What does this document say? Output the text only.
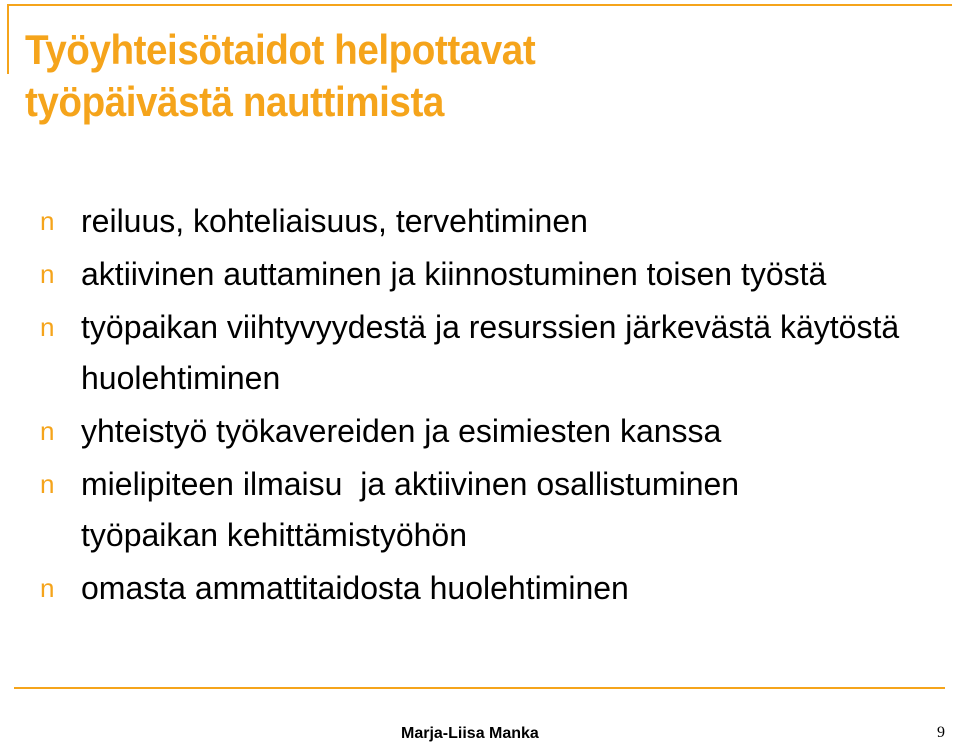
Työyhteisötaidot helpottavat
työpäivästä nauttimista
n reiluus, kohteliaisuus, tervehtiminen
n aktiivinen auttaminen ja kiinnostuminen toisen työstä
n työpaikan viihtyvyydestä ja resurssien järkevästä käytöstä huolehtiminen
n yhteistyö työkavereiden ja esimiesten kanssa
n mielipiteen ilmaisu  ja aktiivinen osallistuminen työpaikan kehittämistyöhön
n omasta ammattitaidosta huolehtiminen
Marja-Liisa Manka	9
